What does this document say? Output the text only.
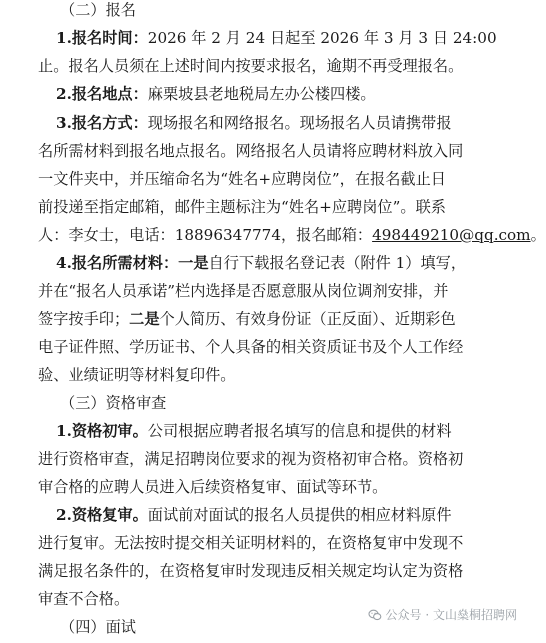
（二）报名
1.报名时间：2026 年 2 月 24 日起至 2026 年 3 月 3 日 24:00
止。报名人员须在上述时间内按要求报名，逾期不再受理报名。
2.报名地点：麻栗坡县老地税局左办公楼四楼。
3.报名方式：现场报名和网络报名。现场报名人员请携带报
名所需材料到报名地点报名。网络报名人员请将应聘材料放入同
一文件夹中，并压缩命名为“姓名+应聘岗位”，在报名截止日
前投递至指定邮箱，邮件主题标注为“姓名+应聘岗位”。联系
人：李女士，电话：18896347774，报名邮箱：498449210@qq.com。
4.报名所需材料：一是自行下载报名登记表（附件 1）填写，
并在“报名人员承诺”栏内选择是否愿意服从岗位调剂安排，并
签字按手印；二是个人简历、有效身份证（正反面）、近期彩色
电子证件照、学历证书、个人具备的相关资质证书及个人工作经
验、业绩证明等材料复印件。
（三）资格审查
1.资格初审。公司根据应聘者报名填写的信息和提供的材料
进行资格审查，满足招聘岗位要求的视为资格初审合格。资格初
审合格的应聘人员进入后续资格复审、面试等环节。
2.资格复审。面试前对面试的报名人员提供的相应材料原件
进行复审。无法按时提交相关证明材料的，在资格复审中发现不
满足报名条件的，在资格复审时发现违反相关规定均认定为资格
审查不合格。
（四）面试
公众号 · 文山燊桐招聘网
